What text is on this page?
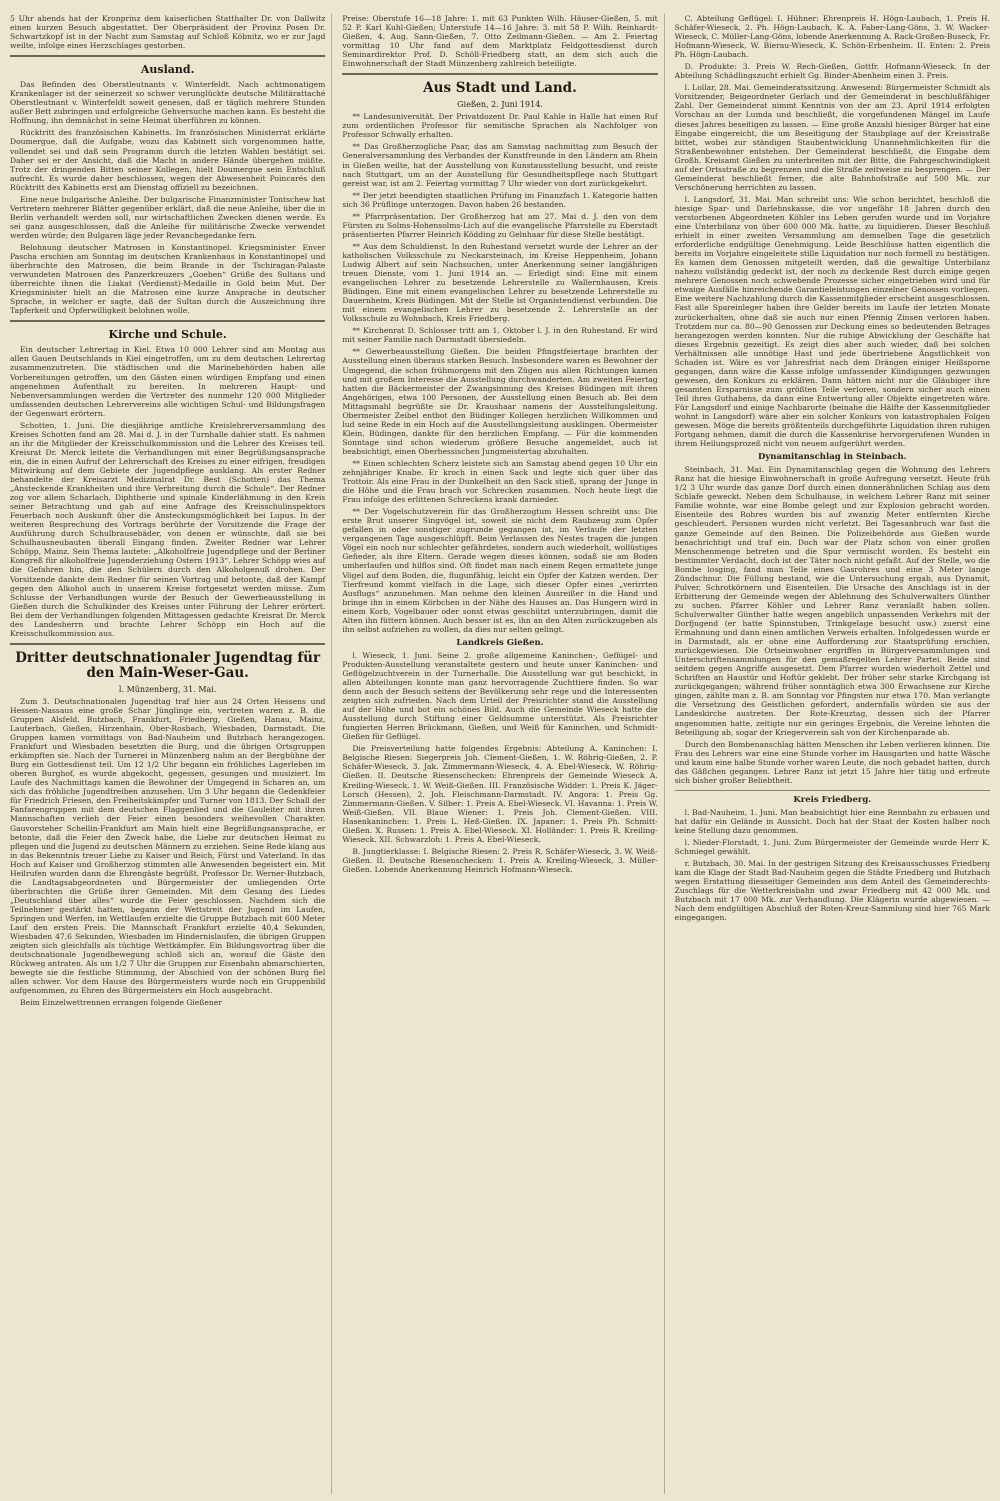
5 Uhr abends hat der Kronprinz dem kaiserlichen Statthalter Dr. von Dallwitz einen kurzen Besuch abgestattet. Der Oberpräsident der Provinz Posen Dr. Schwartzkopf ist in der Nacht zum Samstag auf Schloß Köbnitz, wo er zur Jagd weilte, infolge eines Herzschlages gestorben.

Ausland.

Das Befinden des Oberstleutnants v. Winterfeldt. Nach achtmonatigem Krankenlager ist der seinerzeit so schwer verunglückte deutsche Militärattaché Oberstleutnant v. Winterfeldt soweit genesen, daß er täglich mehrere Stunden außer Bett zubringen und erfolgreiche Gehversuche machen kann. Es besteht die Hoffnung, ihn demnächst in seine Heimat überführen zu können.

Rücktritt des französischen Kabinetts. Im französischen Ministerrat erklärte Doumergue, daß die Aufgabe, wozu das Kabinett sich vorgenommen hatte, vollendet sei und daß sein Programm durch die letzten Wahlen bestätigt sei. Daher sei er der Ansicht, daß die Macht in andere Hände übergehen müßte. Trotz der dringenden Bitten seiner Kollegen, hielt Doumergue sein Entschluß aufrecht. Es wurde daher beschlossen, wegen der Abwesenheit Poincarés den Rücktritt des Kabinetts erst am Dienstag offiziell zu bezeichnen.

Eine neue bulgarische Anleihe. Der bulgarische Finanzminister Tontschew hat Vertretern mehrerer Blätter gegenüber erklärt, daß die neue Anleihe, über die in Berlin verhandelt werden soll, nur wirtschaftlichen Zwecken dienen werde. Es sei ganz ausgeschlossen, daß die Anleihe für militärische Zwecke verwendet werden würde; den Bulgaren läge jeder Revanchegedanke fern.

Belohnung deutscher Matrosen in Konstantinopel. Kriegsminister Enver Pascha erschien am Sonntag im deutschen Krankenhaus in Konstantinopel und überbrachte den Matrosen, die beim Brande in der Tschiragan-Palaste verwundeten Matrosen des Panzerkreuzers „Goeben“ Grüße des Sultans und überreichte ihnen die Liakat (Verdienst)-Medaille in Gold beim Mut. Der Kriegsminister hielt an die Matrosen eine kurze Ansprache in deutscher Sprache, in welcher er sagte, daß der Sultan durch die Auszeichnung ihre Tapferkeit und Opferwilligkeit belohnen wolle.

Kirche und Schule.

Ein deutscher Lehrertag in Kiel. Etwa 10 000 Lehrer sind am Montag aus allen Gauen Deutschlands in Kiel eingetroffen, um zu dem deutschen Lehrertag zusammenzutreten. Die städtischen und die Marinebehörden haben alle Vorbereitungen getroffen, um den Gästen einen würdigen Empfang und einen angenehmen Aufenthalt zu bereiten. In mehreren Haupt- und Nebenversammlungen werden die Vertreter des nunmehr 120 000 Mitglieder umfassenden deutschen Lehrervereins alle wichtigen Schul- und Bildungsfragen der Gegenwart erörtern.

Schotten, 1. Juni. Die diesjährige amtliche Kreislehrerversammlung des Kreises Schotten fand am 28. Mai d. J. in der Turnhalle dahier statt. Es nahmen an ihr die Mitglieder der Kreisschulkommission und die Lehrer des Kreises teil. Kreisrat Dr. Merck leitete die Verhandlungen mit einer Begrüßungsansprache ein, die in einen Aufruf der Lehrerschaft des Kreises zu einer eifrigen, freudigen Mitwirkung auf dem Gebiete der Jugendpflege ausklang. Als erster Redner behandelte der Kreisarzt Medizinalrat Dr. Best (Schotten) das Thema „Ansteckende Krankheiten und ihre Verbreitung durch die Schule“. Der Redner zog vor allem Scharlach, Diphtherie und spinale Kinderlähmung in den Kreis seiner Betrachtung und gab auf eine Anfrage des Kreisschulinspektors Feuerbach noch Auskunft über die Ansteckungsmöglichkeit bei Lupus. In der weiteren Besprechung des Vortrags berührte der Vorsitzende die Frage der Ausführung durch Schulbrausebäder, von denen er wünschte, daß sie bei Schulhausneubauten überall Eingang finden. Zweiter Redner war Lehrer Schöpp, Mainz. Sein Thema lautete: „Alkoholfreie Jugendpflege und der Berliner Kongreß für alkoholfreie Jugenderziehung Ostern 1913“. Lehrer Schöpp wies auf die Gefahren hin, die den Schülern durch den Alkoholgenuß drohen. Der Vorsitzende dankte dem Redner für seinen Vortrag und betonte, daß der Kampf gegen den Alkohol auch in unserem Kreise fortgesetzt werden müsse. Zum Schlusse der Verhandlungen wurde der Besuch der Gewerbeausstellung in Gießen durch die Schulkinder des Kreises unter Führung der Lehrer erörtert. Bei dem der Verhandlungen folgenden Mittagessen gedachte Kreisrat Dr. Merck des Landesherrn und brachte Lehrer Schöpp ein Hoch auf die Kreisschulkommission aus.

Dritter deutschnationaler Jugendtag für den Main-Weser-Gau.
l. Münzenberg, 31. Mai.

Zum 3. Deutschnationalen Jugendtag traf hier aus 24 Orten Hessens und Hessen-Nassaus eine große Schar Jünglinge ein, vertreten waren z. B. die Gruppen Alsfeld, Butzbach, Frankfurt, Friedberg, Gießen, Hanau, Mainz, Lauterbach, Gießen, Hirzenhain, Ober-Rosbach, Wiesbaden, Darmstadt. Die Gruppen kamen vormittags von Bad-Nauheim und Butzbach herangezogen. Frankfurt und Wiesbaden besetzten die Burg, und die übrigen Ortsgruppen erkämpften sie. Nach der Turnerei in Münzenberg nahm an der Bergbühne der Burg ein Gottesdienst teil. Um 12 1/2 Uhr begann ein fröhliches Lagerleben im oberen Burghof, es wurde abgekocht, gegessen, gesungen und musiziert. Im Laufe des Nachmittags kamen die Bewohner der Umgegend in Scharen an, um sich das fröhliche Jugendtreiben anzusehen. Um 3 Uhr begann die Gedenkfeier für Friedrich Friesen, den Freiheitskämpfer und Turner von 1813. Der Schall der Fanfarengruppen mit dem deutschen Flaggenlied und die Gauleiter mit ihren Mannschaften verlieh der Feier einen besonders weihevollen Charakter. Gauvorsteher Schellin-Frankfurt am Main hielt eine Begrüßungsansprache, er betonte, daß die Feier den Zweck habe, die Liebe zur deutschen Heimat zu pflegen und die Jugend zu deutschen Männern zu erziehen. Seine Rede klang aus in das Bekenntnis treuer Liebe zu Kaiser und Reich, Fürst und Vaterland. In das Hoch auf Kaiser und Großherzog stimmten alle Anwesenden begeistert ein. Mit Heilrufen wurden dann die Ehrengäste begrüßt. Professor Dr. Werner-Butzbach, die Landtagsabgeordneten und Bürgermeister der umliegenden Orte überbrachten die Grüße ihrer Gemeinden. Mit dem Gesang des Liedes „Deutschland über alles“ wurde die Feier geschlossen. Nachdem sich die Teilnehmer gestärkt hatten, begann der Wettstreit der Jugend im Laufen, Springen und Werfen, im Wettlaufen erzielte die Gruppe Butzbach mit 600 Meter Lauf den ersten Preis. Die Mannschaft Frankfurt erzielte 40,4 Sekunden, Wiesbaden 47,6 Sekunden, Wiesbaden im Hindernislaufen, die übrigen Gruppen zeigten sich gleichfalls als tüchtige Wettkämpfer. Ein Bildungsvortrag über die deutschnationale Jugendbewegung schloß sich an, worauf die Gäste den Rückweg antraten. Als um 1/2 7 Uhr die Gruppen zur Eisenbahn abmarschierten, bewegte sie die festliche Stimmung, der Abschied von der schönen Burg fiel allen schwer. Vor dem Hause des Bürgermeisters wurde noch ein Gruppenbild aufgenommen, zu Ehren des Bürgermeisters ein Hoch ausgebracht.

Beim Einzelwettrennen errangen folgende Gießener

Preise: Oberstufe 16—18 Jahre: 1. mit 63 Punkten Wilh. Häuser-Gießen, 5. mit 52 P. Karl Kuhl-Gießen; Unterstufe 14—16 Jahre: 3. mit 58 P. Wilh. Reinhardt-Gießen, 4. Aug. Sann-Gießen, 7. Otto Zeilmann-Gießen. — Am 2. Feiertag vormittag 10 Uhr fand auf dem Marktplatz Feldgottesdienst durch Seminardirektor Prof. D. Schöll-Friedberg statt, an dem sich auch die Einwohnerschaft der Stadt Münzenberg zahlreich beteiligte.

Aus Stadt und Land.
Gießen, 2. Juni 1914.

** Landesuniversität. Der Privatdozent Dr. Paul Kahle in Halle hat einen Ruf zum ordentlichen Professor für semitische Sprachen als Nachfolger von Professor Schwally erhalten.

** Das Großherzogliche Paar, das am Samstag nachmittag zum Besuch der Generalversammlung des Verbandes der Kunstfreunde in den Ländern am Rhein in Gießen weilte, hat der Ausstellung von Kunstausstellung besucht, und reiste nach Stuttgart, um an der Ausstellung für Gesundheitspflege nach Stuttgart gereist war, ist am 2. Feiertag vormittag 7 Uhr wieder von dort zurückgekehrt.

** Der jetzt beendigten staatlichen Prüfung im Finanzfach 1. Kategorie hatten sich 36 Prüflinge unterzogen. Davon haben 26 bestanden.

** Pfarrpräsentation. Der Großherzog hat am 27. Mai d. J. den von dem Fürsten zu Solms-Hohensolms-Lich auf die evangelische Pfarrstelle zu Eberstadt präsentierten Pfarrer Heinrich Ködding zu Gelnhaar für diese Stelle bestätigt.

** Aus dem Schuldienst. In den Ruhestand versetzt wurde der Lehrer an der katholischen Volksschule zu Neckarsteinach, im Kreise Heppenheim, Johann Ludwig Albert auf sein Nachsuchen, unter Anerkennung seiner langjährigen treuen Dienste, vom 1. Juni 1914 an. — Erledigt sind: Eine mit einem evangelischen Lehrer zu besetzende Lehrerstelle zu Wallernhausen, Kreis Büdingen. Eine mit einem evangelischen Lehrer zu besetzende Lehrerstelle zu Dauernheim, Kreis Büdingen. Mit der Stelle ist Organistendienst verbunden. Die mit einem evangelischen Lehrer zu besetzende 2. Lehrerstelle an der Volksschule zu Wohnbach, Kreis Friedberg.

** Kirchenrat D. Schlosser tritt am 1. Oktober l. J. in den Ruhestand. Er wird mit seiner Familie nach Darmstadt übersiedeln.

** Gewerbeausstellung Gießen. Die beiden Pfingstfeiertage brachten der Ausstellung einen überaus starken Besuch. Insbesondere waren es Bewohner der Umgegend, die schon frühmorgens mit den Zügen aus allen Richtungen kamen und mit großem Interesse die Ausstellung durchwanderten. Am zweiten Feiertag hatten die Bäckermeister der Zwangsinnung des Kreises Büdingen mit ihren Angehörigen, etwa 100 Personen, der Ausstellung einen Besuch ab. Bei dem Mittagsmahl begrüßte sie Dr. Kraushaar namens der Ausstellungsleitung. Obermeister Zeibel entbot den Büdinger Kollegen herzlichen Willkommen und lud seine Rede in ein Hoch auf die Ausstellungsleitung ausklingen. Obermeister Klein, Büdingen, dankte für den herzlichen Empfang. — Für die kommenden Sonntage sind schon wiederum größere Besuche angemeldet, auch ist beabsichtigt, einen Oberhessischen Jungmeistertag abzuhalten.

** Einen schlechten Scherz leistete sich am Samstag abend gegen 10 Uhr ein zehnjähriger Knabe. Er kroch in einen Sack und legte sich quer über das Trottoir. Als eine Frau in der Dunkelheit an den Sack stieß, sprang der Junge in die Höhe und die Frau brach vor Schrecken zusammen. Noch heute liegt die Frau infolge des erlittenen Schreckens krank darnieder.

** Der Vogelschutzverein für das Großherzogtum Hessen schreibt uns: Die erste Brut unserer Singvögel ist, soweit sie nicht dem Raubzeug zum Opfer gefallen in oder sonstiger zugrunde gegangen ist, im Verlaufe der letzten vergangenen Tage ausgeschlüpft. Beim Verlassen des Nestes tragen die jungen Vögel ein noch nur schlechter gefährdetes, sondern auch wiederholt, wollüstiges Gefieder, als ihre Eltern. Gerade wegen dieses können, sodaß sie am Boden umherlaufen und hilflos sind. Oft findet man nach einem Regen ermattete junge Vögel auf dem Boden, die, flugunfähig, leicht ein Opfer der Katzen werden. Der Tierfreund kommt vielfach in die Lage, sich dieser Opfer eines „verirrten Ausflugs“ anzunehmen. Man nehme den kleinen Ausreißer in die Hand und bringe ihn in einem Körbchen in der Nähe des Hauses an. Das Hungern wird in einem Korb, Vogelbauer oder sonst etwas geschützt unterzubringen, damit die Alten ihn füttern können. Auch besser ist es, ihn an den Alten zurückzugeben als ihn selbst aufziehen zu wollen, da dies nur selten gelingt.

Landkreis Gießen.

l. Wieseck, 1. Juni. Seine 2. große allgemeine Kaninchen-, Geflügel- und Produkten-Ausstellung veranstaltete gestern und heute unser Kaninchen- und Geflügelzuchtverein in der Turnerhalle. Die Ausstellung war gut beschickt, in allen Abteilungen konnte man ganz hervorragende Zuchttiere finden. So war denn auch der Besuch seitens der Bevölkerung sehr rege und die Interessenten zeigten sich zufrieden. Nach dem Urteil der Preisrichter stand die Ausstellung auf der Höhe und bot ein schönes Bild. Auch die Gemeinde Wieseck hatte die Ausstellung durch Stiftung einer Geldsumme unterstützt. Als Preisrichter fungierten Herren Brückmann, Gießen, und Weiß für Kaninchen, und Schmidt-Gießen für Geflügel.

Die Preisverteilung hatte folgendes Ergebnis: Abteilung A. Kaninchen: I. Belgische Riesen: Siegerpreis Joh. Clement-Gießen, 1. W. Röhrig-Gießen, 2. P. Schäfer-Wieseck, 3. Jak. Zimmermann-Wieseck, 4. A. Ebel-Wieseck, W. Röhrig-Gießen. II. Deutsche Riesenschecken: Ehrenpreis der Gemeinde Wieseck A. Kreiling-Wieseck, 1. W. Weiß-Gießen. III. Französische Widder: 1. Preis K. Jäger-Lorsch (Hessen), 2. Joh. Fleischmann-Darmstadt. IV. Angora: 1. Preis Gg. Zimmermann-Gießen. V. Silber: 1. Preis A. Ebel-Wieseck. VI. Havanna: 1. Preis W. Weiß-Gießen. VII. Blaue Wiener: 1. Preis Joh. Clement-Gießen. VIII. Hasenkaninchen: 1. Preis L. Heß-Gießen. IX. Japaner: 1. Preis Ph. Schmitt-Gießen. X. Russen: 1. Preis A. Ebel-Wieseck. XI. Holländer: 1. Preis R. Kreiling-Wieseck. XII. Schwarzloh: 1. Preis A. Ebel-Wieseck.

B. Jungtierklasse: I. Belgische Riesen: 2. Preis R. Schäfer-Wieseck, 3. W. Weiß-Gießen. II. Deutsche Riesenschecken: 1. Preis A. Kreiling-Wieseck, 3. Müller-Gießen. Lobende Anerkennung Heinrich Hofmann-Wieseck.

C. Abteilung Geflügel: I. Hühner: Ehrenpreis H. Högn-Laubach, 1. Preis H. Schäfer-Wieseck, 2. Ph. Högn-Laubach, K. A. Faber-Lang-Göns, 3. W. Wacker-Wieseck, C. Müller-Lang-Göns, lobende Anerkennung A. Rack-Großen-Buseck, Fr. Hofmann-Wieseck, W. Bierau-Wieseck, K. Schön-Erbenheim. II. Enten: 2. Preis Ph. Högn-Laubach.

D. Produkte: 3. Preis W. Rech-Gießen, Gottfr. Hofmann-Wieseck. In der Abteilung Schädlingszucht erhielt Gg. Binder-Abenheim einen 3. Preis.

l. Lollar, 28. Mai. Gemeinderatssitzung. Anwesend: Bürgermeister Schmidt als Vorsitzender, Beigeordneter Gerlach und der Gemeinderat in beschlußfähiger Zahl. Der Gemeinderat nimmt Kenntnis von der am 23. April 1914 erfolgten Vorschau an der Lumda und beschließt, die vorgefundenen Mängel im Laufe dieses Jahres beseitigen zu lassen. — Eine große Anzahl hiesiger Bürger hat eine Eingabe eingereicht, die um Beseitigung der Staubplage auf der Kreisstraße bittet, wobei zur ständigen Staubentwicklung Unannehmlichkeiten für die Straßenbewohner entstehen. Der Gemeinderat beschließt, die Eingabe dem Großh. Kreisamt Gießen zu unterbreiten mit der Bitte, die Fahrgeschwindigkeit auf der Ortsstraße zu begrenzen und die Straße zeitweise zu besprengen. — Der Gemeinderat beschließt ferner, die alte Bahnhofstraße auf 500 Mk. zur Verschönerung herrichten zu lassen.

l. Langsdorf, 31. Mai. Man schreibt uns: Wie schon berichtet, beschloß die hiesige Spar- und Darlehnskasse, die vor ungefähr 18 Jahren durch den verstorbenen Abgeordneten Köhler ins Leben gerufen wurde und im Vorjahre eine Unterbilanz von über 600 000 Mk. hatte, zu liquidieren. Dieser Beschluß erhielt in einer zweiten Versammlung am demselben Tage die gesetzlich erforderliche endgültige Genehmigung. Leide Beschlüsse hatten eigentlich die bereits im Vorjahre eingeleitete stille Liquidation nur noch formell zu bestätigen. Es kamen dem Genossen mitgeteilt werden, daß die gewaltige Unterbilanz nahezu vollständig gedeckt ist, der noch zu deckende Rest durch einige gegen mehrere Genossen noch schwebende Prozesse sicher eingetrieben wird und für etwaige Ausfälle hinreichende Garantieleistungen einzelner Genossen vorliegen. Eine weitere Nachzahlung durch die Kassenmitglieder erscheint ausgeschlossen. Fast alle Spareinleger haben ihre Gelder bereits im Laufe der letzten Monate zurückerhalten, ohne daß sie auch nur einen Pfennig Zinsen verloren haben. Trotzdem nur ca. 80—90 Genossen zur Deckung eines so bedeutenden Betrages herangezogen werden konnten. Nur die ruhige Abwicklung der Geschäfte hat dieses Ergebnis gezeitigt. Es zeigt dies aber auch wieder, daß bei solchen Verhältnissen alle unnötige Hast und jede übertriebene Ängstlichkeit von Schaden ist. Wäre es vor Jahresfrist nach dem Drängen einiger Heißsporne gegangen, dann wäre die Kasse infolge umfassender Kündigungen gezwungen gewesen, den Konkurs zu erklären. Dann hätten nicht nur die Gläubiger ihre gesamten Ersparnisse zum größten Teile verloren, sondern sicher auch einen Teil ihres Guthabens, da dann eine Entwertung aller Objekte eingetreten wäre. Für Langsdorf und einige Nachbarorte (beinahe die Hälfte der Kassenmitglieder wohnt in Langsdorf) wäre aber ein solcher Konkurs von katastrophalen Folgen gewesen. Möge die bereits größtenteils durchgeführte Liquidation ihren ruhigen Fortgang nehmen, damit die durch die Kassenkrise hervorgerufenen Wunden in ihrem Heilungsprozeß nicht von neuem aufgerührt werden.

Dynamitanschlag in Steinbach.

Steinbach, 31. Mai. Ein Dynamitanschlag gegen die Wohnung des Lehrers Ranz hat die hiesige Einwohnerschaft in große Aufregung versetzt. Heute früh 1/2 3 Uhr wurde das ganze Dorf durch einen donnerähnlichen Schlag aus dem Schlafe geweckt. Neben dem Schulhause, in welchem Lehrer Ranz mit seiner Familie wohnte, war eine Bombe gelegt und zur Explosion gebracht worden. Eisenteile des Rohres wurden bis auf zwanzig Meter entfernten Kirche geschleudert. Personen wurden nicht verletzt. Bei Tagesanbruch war fast die ganze Gemeinde auf den Beinen. Die Polizeibehörde aus Gießen wurde benachrichtigt und traf ein. Doch war der Platz schon von einer großen Menschenmenge betreten und die Spur vermischt worden. Es besteht ein bestimmter Verdacht, doch ist der Täter noch nicht gefaßt. Auf der Stelle, wo die Bombe losging, fand man Teile eines Gasrohres und eine 3 Meter lange Zündschnur. Die Füllung bestand, wie die Untersuchung ergab, aus Dynamit, Pulver, Schrotkörnern und Eisenteilen. Die Ursache des Anschlags ist in der Erbitterung der Gemeinde wegen der Ablehnung des Schulverwalters Günther zu suchen. Pfarrer Köhler und Lehrer Ranz veranlaßt haben sollen. Schulverwalter Günther hatte wegen angeblich unpassenden Verkehrs mit der Dorfjugend (er hatte Spinnstuben, Trinkgelage besucht usw.) zuerst eine Ermahnung und dann einen amtlichen Verweis erhalten. Infolgedessen wurde er in Darmstadt, als er ohne eine Aufforderung zur Staatsprüfung erschien, zurückgewiesen. Die Ortseinwohner ergriffen in Bürgerversammlungen und Unterschriftensammlungen für den gemaßregelten Lehrer Partei. Beide sind seitdem gegen Angriffe ausgesetzt. Dem Pfarrer wurden wiederholt Zettel und Schriften an Haustür und Hoftür geklebt. Der früher sehr starke Kirchgang ist zurückgegangen; während früher sonntäglich etwa 300 Erwachsene zur Kirche gingen, zählte man z. B. am Sonntag vor Pfingsten nur etwa 170. Man verlangte die Versetzung des Geistlichen gefordert, andernfalls würden sie aus der Landeskirche austreten. Der Rote-Kreuztag, dessen sich der Pfarrer angenommen hatte, zeitigte nur ein geringes Ergebnis, die Vereine lehnten die Beteiligung ab, sogar der Kriegerverein sah von der Kirchenparade ab.

Durch den Bombenanschlag hätten Menschen ihr Leben verlieren können. Die Frau des Lehrers war eine eine Stunde vorher im Hausgarten und hatte Wäsche und kaum eine halbe Stunde vorher waren Leute, die noch gebadet hatten, durch das Gäßchen gegangen. Lehrer Ranz ist jetzt 15 Jahre hier tätig und erfreute sich bisher großer Beliebtheit.

Kreis Friedberg.

l. Bad-Nauheim, 1. Juni. Man beabsichtigt hier eine Rennbahn zu erbauen und hat dafür ein Gelände in Aussicht. Doch hat der Staat der Kosten halber noch keine Stellung dazu genommen.

l. Nieder-Florstadt, 1. Juni. Zum Bürgermeister der Gemeinde wurde Herr K. Schmiegel gewählt.

r. Butzbach, 30. Mai. In der gestrigen Sitzung des Kreisausschusses Friedberg kam die Klage der Stadt Bad-Nauheim gegen die Städte Friedberg und Butzbach wegen Erstattung diesseitiger Gemeinden aus dem Anteil des Gemeinderechts-Zuschlags für die Wetterkreisbahn und zwar Friedberg mit 42 000 Mk. und Butzbach mit 17 000 Mk. zur Verhandlung. Die Klägerin wurde abgewiesen. — Nach dem endgültigen Abschluß der Roten-Kreuz-Sammlung sind hier 765 Mark eingegangen.
